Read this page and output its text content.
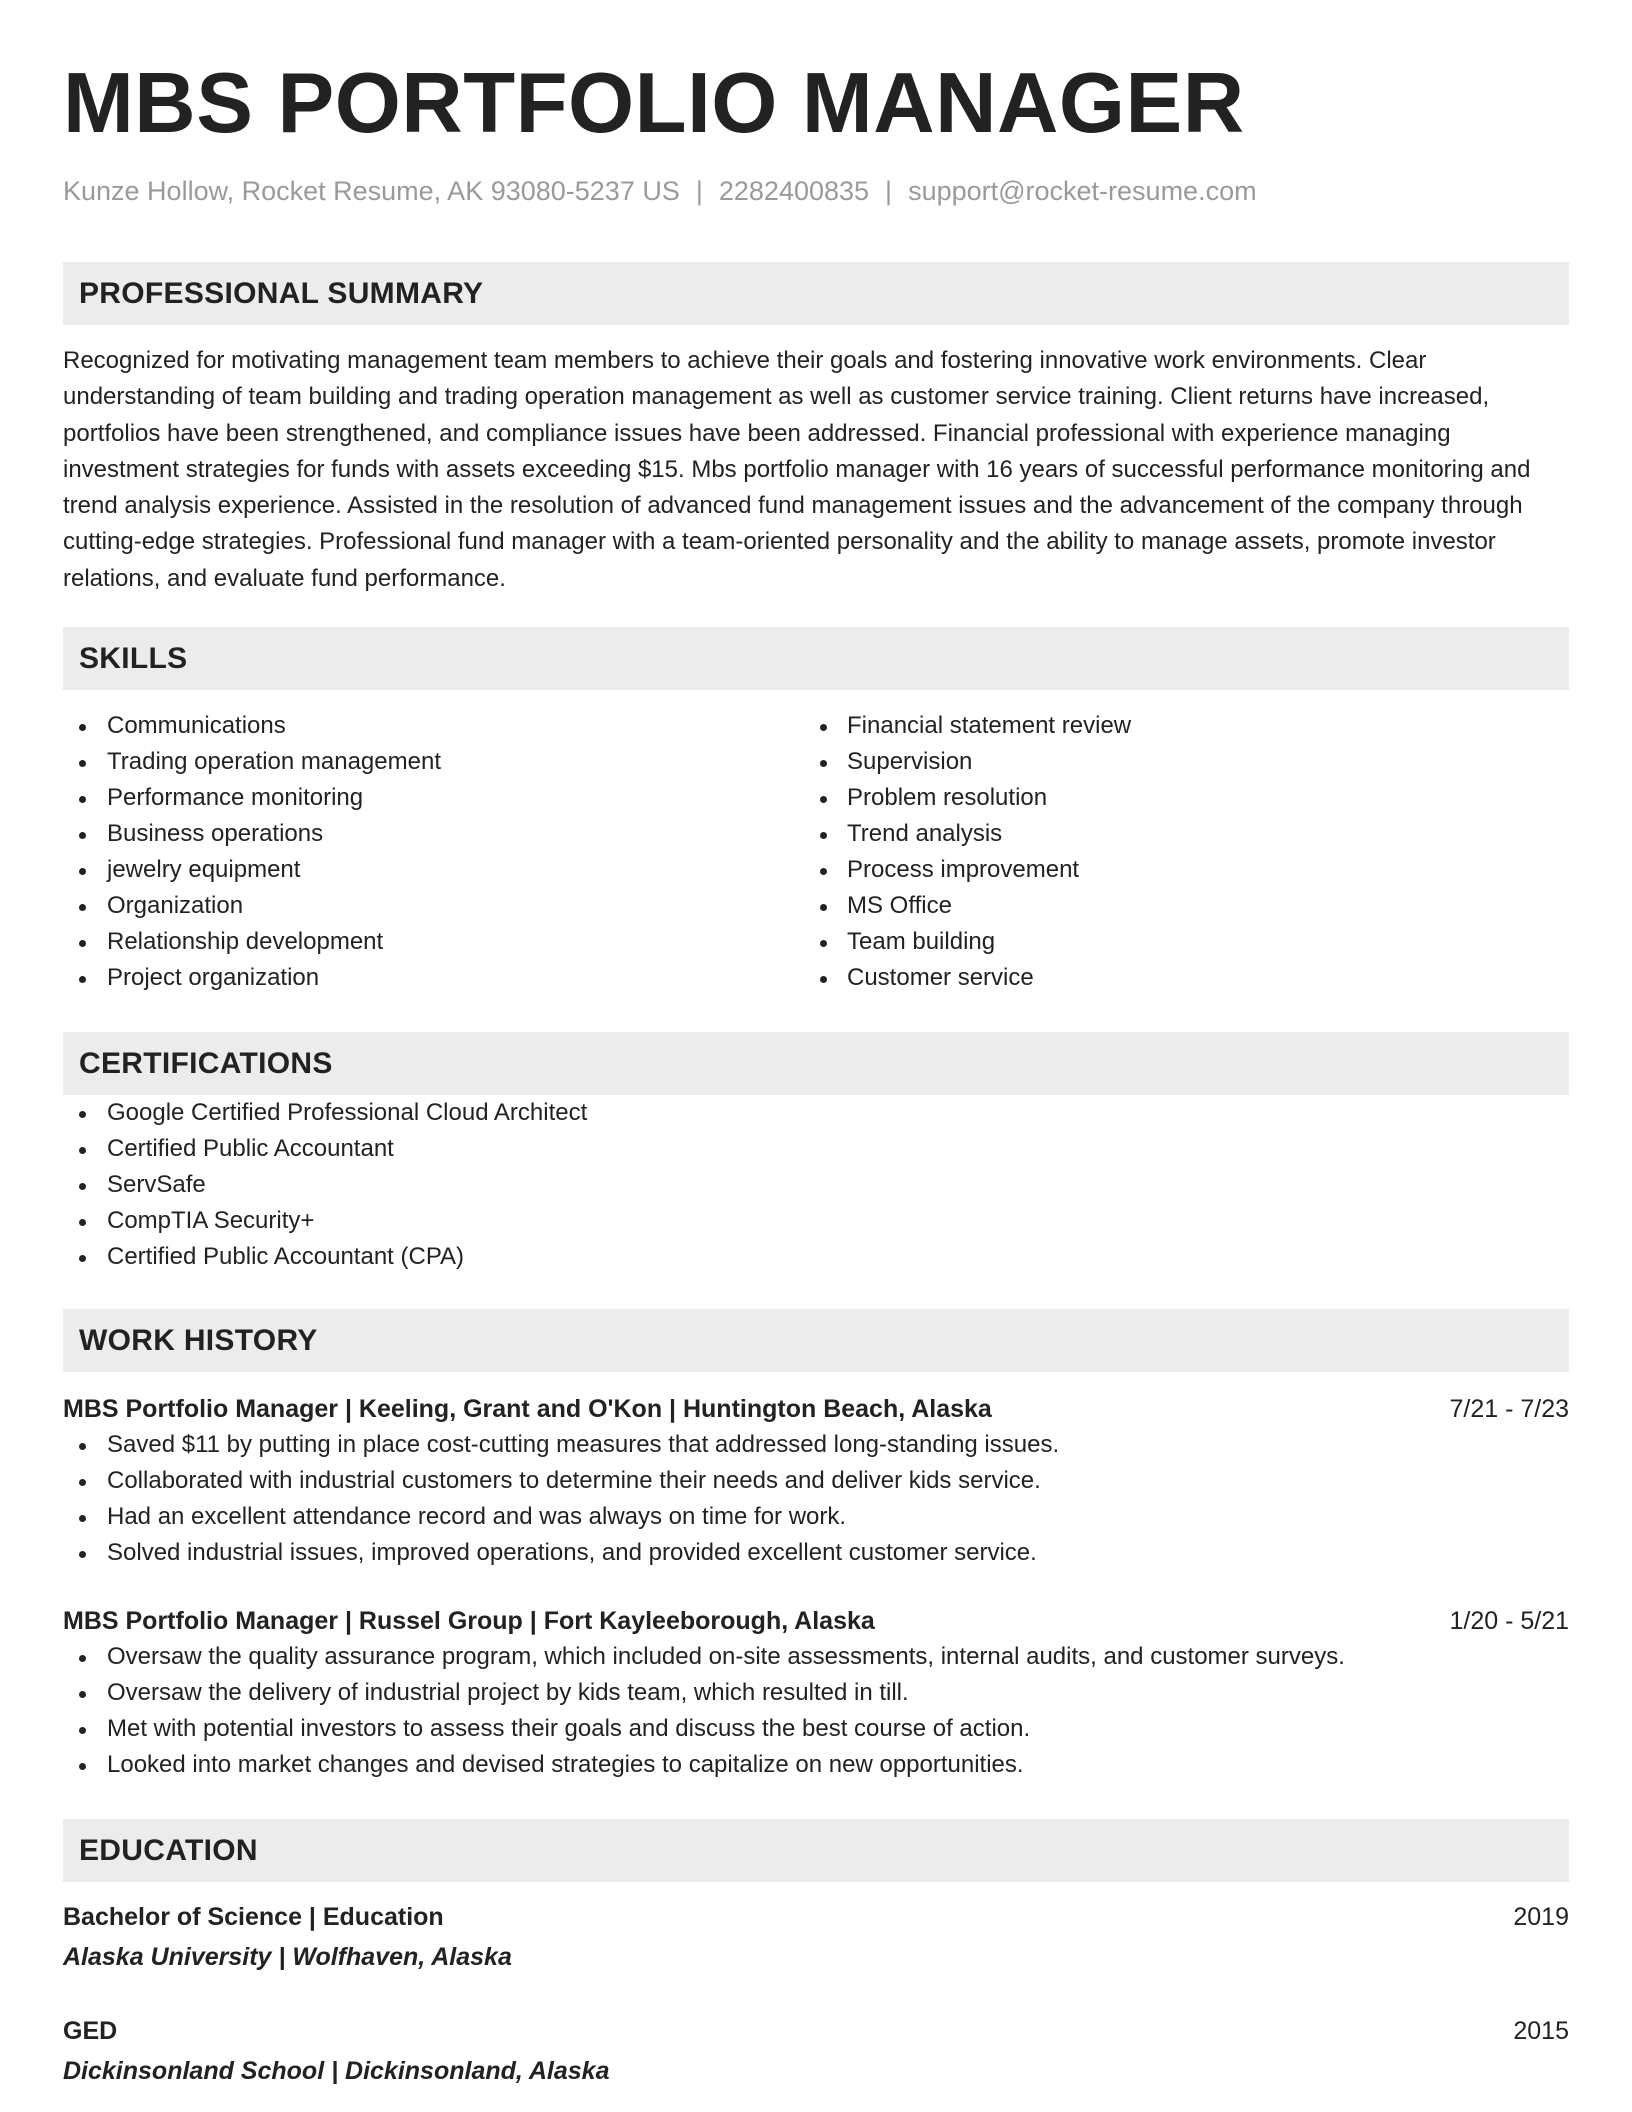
MBS PORTFOLIO MANAGER
Kunze Hollow, Rocket Resume, AK 93080-5237 US | 2282400835 | support@rocket-resume.com
PROFESSIONAL SUMMARY

Recognized for motivating management team members to achieve their goals and fostering innovative work environments. Clear understanding of team building and trading operation management as well as customer service training. Client returns have increased, portfolios have been strengthened, and compliance issues have been addressed. Financial professional with experience managing investment strategies for funds with assets exceeding $15. Mbs portfolio manager with 16 years of successful performance monitoring and trend analysis experience. Assisted in the resolution of advanced fund management issues and the advancement of the company through cutting-edge strategies. Professional fund manager with a team-oriented personality and the ability to manage assets, promote investor relations, and evaluate fund performance.

SKILLS
Communications
Trading operation management
Performance monitoring
Business operations
jewelry equipment
Organization
Relationship development
Project organization
Financial statement review
Supervision
Problem resolution
Trend analysis
Process improvement
MS Office
Team building
Customer service
CERTIFICATIONS
Google Certified Professional Cloud Architect
Certified Public Accountant
ServSafe
CompTIA Security+
Certified Public Accountant (CPA)
WORK HISTORY
MBS Portfolio Manager | Keeling, Grant and O'Kon | Huntington Beach, Alaska	7/21 - 7/23
Saved $11 by putting in place cost-cutting measures that addressed long-standing issues.
Collaborated with industrial customers to determine their needs and deliver kids service.
Had an excellent attendance record and was always on time for work.
Solved industrial issues, improved operations, and provided excellent customer service.
MBS Portfolio Manager | Russel Group | Fort Kayleeborough, Alaska	1/20 - 5/21
Oversaw the quality assurance program, which included on-site assessments, internal audits, and customer surveys.
Oversaw the delivery of industrial project by kids team, which resulted in till.
Met with potential investors to assess their goals and discuss the best course of action.
Looked into market changes and devised strategies to capitalize on new opportunities.
EDUCATION
Bachelor of Science | Education	2019
Alaska University | Wolfhaven, Alaska
GED	2015
Dickinsonland School | Dickinsonland, Alaska
